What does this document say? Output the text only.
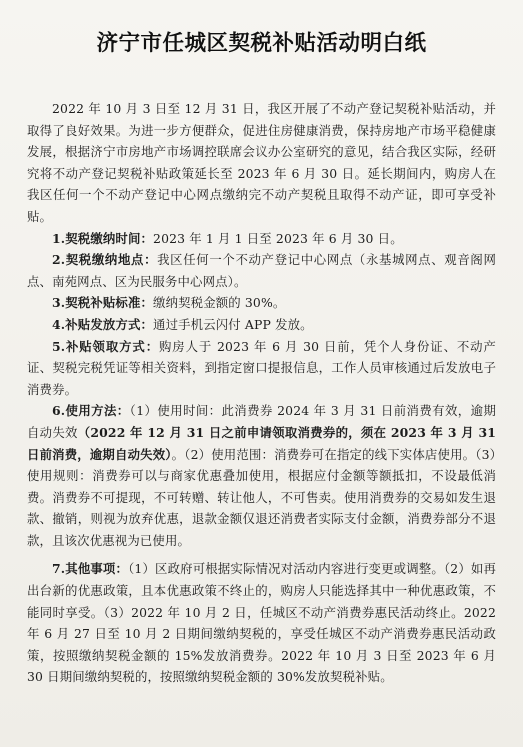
济宁市任城区契税补贴活动明白纸

2022 年 10 月 3 日至 12 月 31 日，我区开展了不动产登记契税补贴活动，并取得了良好效果。为进一步方便群众，促进住房健康消费，保持房地产市场平稳健康发展，根据济宁市房地产市场调控联席会议办公室研究的意见，结合我区实际，经研究将不动产登记契税补贴政策延长至 2023 年 6 月 30 日。延长期间内，购房人在我区任何一个不动产登记中心网点缴纳完不动产契税且取得不动产证，即可享受补贴。

1.契税缴纳时间：2023 年 1 月 1 日至 2023 年 6 月 30 日。

2.契税缴纳地点：我区任何一个不动产登记中心网点（永基城网点、观音阁网点、南苑网点、区为民服务中心网点）。

3.契税补贴标准：缴纳契税金额的 30%。

4.补贴发放方式：通过手机云闪付 APP 发放。

5.补贴领取方式：购房人于 2023 年 6 月 30 日前，凭个人身份证、不动产证、契税完税凭证等相关资料，到指定窗口提报信息，工作人员审核通过后发放电子消费券。

6.使用方法：（1）使用时间：此消费券 2024 年 3 月 31 日前消费有效，逾期自动失效（2022 年 12 月 31 日之前申请领取消费券的，须在 2023 年 3 月 31 日前消费，逾期自动失效）。（2）使用范围：消费券可在指定的线下实体店使用。（3）使用规则：消费券可以与商家优惠叠加使用，根据应付金额等额抵扣，不设最低消费。消费券不可提现，不可转赠、转让他人，不可售卖。使用消费券的交易如发生退款、撤销，则视为放弃优惠，退款金额仅退还消费者实际支付金额，消费券部分不退款，且该次优惠视为已使用。

7.其他事项：（1）区政府可根据实际情况对活动内容进行变更或调整。（2）如再出台新的优惠政策，且本优惠政策不终止的，购房人只能选择其中一种优惠政策，不能同时享受。（3）2022 年 10 月 2 日，任城区不动产消费券惠民活动终止。2022 年 6 月 27 日至 10 月 2 日期间缴纳契税的，享受任城区不动产消费券惠民活动政策，按照缴纳契税金额的 15%发放消费券。2022 年 10 月 3 日至 2023 年 6 月 30 日期间缴纳契税的，按照缴纳契税金额的 30%发放契税补贴。
